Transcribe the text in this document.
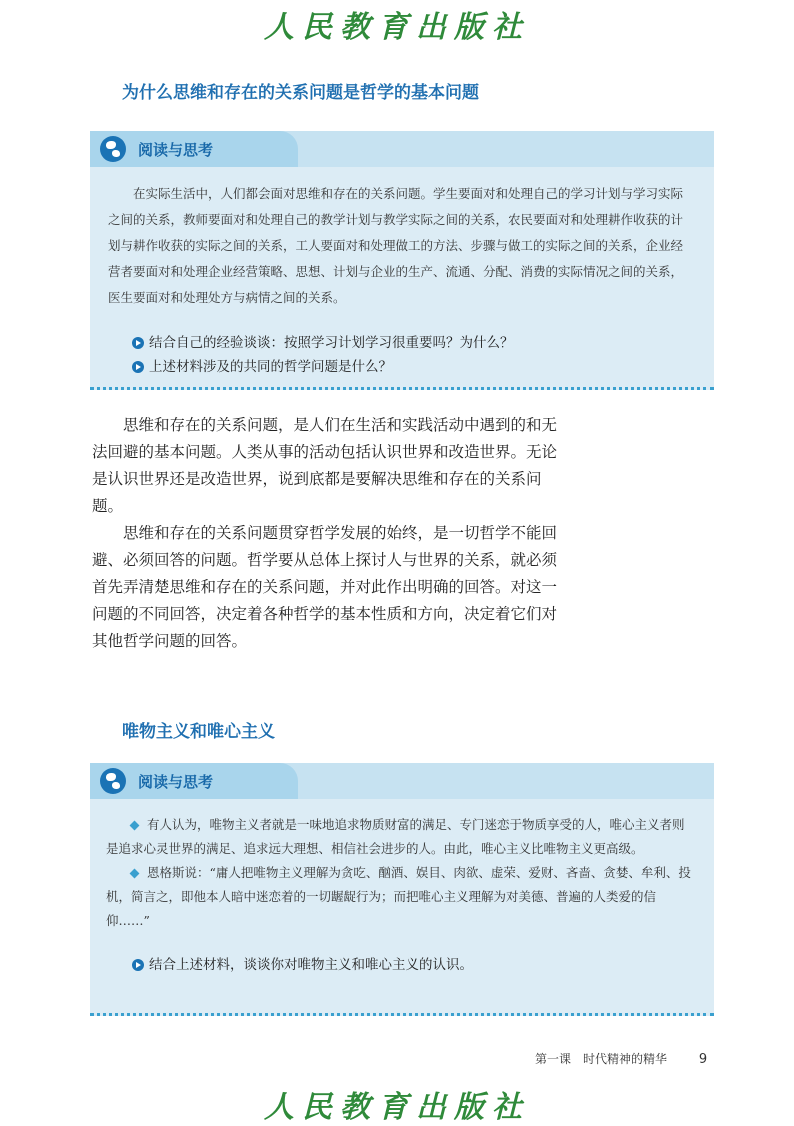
人民教育出版社
为什么思维和存在的关系问题是哲学的基本问题
阅读与思考

在实际生活中，人们都会面对思维和存在的关系问题。学生要面对和处理自己的学习计划与学习实际之间的关系，教师要面对和处理自己的教学计划与教学实际之间的关系，农民要面对和处理耕作收获的计划与耕作收获的实际之间的关系，工人要面对和处理做工的方法、步骤与做工的实际之间的关系，企业经营者要面对和处理企业经营策略、思想、计划与企业的生产、流通、分配、消费的实际情况之间的关系，医生要面对和处理处方与病情之间的关系。

结合自己的经验谈谈：按照学习计划学习很重要吗？为什么？
上述材料涉及的共同的哲学问题是什么？

思维和存在的关系问题，是人们在生活和实践活动中遇到的和无法回避的基本问题。人类从事的活动包括认识世界和改造世界。无论是认识世界还是改造世界，说到底都是要解决思维和存在的关系问题。

思维和存在的关系问题贯穿哲学发展的始终，是一切哲学不能回避、必须回答的问题。哲学要从总体上探讨人与世界的关系，就必须首先弄清楚思维和存在的关系问题，并对此作出明确的回答。对这一问题的不同回答，决定着各种哲学的基本性质和方向，决定着它们对其他哲学问题的回答。

唯物主义和唯心主义
阅读与思考

有人认为，唯物主义者就是一味地追求物质财富的满足、专门迷恋于物质享受的人，唯心主义者则是追求心灵世界的满足、追求远大理想、相信社会进步的人。由此，唯心主义比唯物主义更高级。

恩格斯说：“庸人把唯物主义理解为贪吃、酗酒、娱目、肉欲、虚荣、爱财、吝啬、贪婪、牟利、投机，简言之，即他本人暗中迷恋着的一切龌龊行为；而把唯心主义理解为对美德、普遍的人类爱的信仰……”

结合上述材料，谈谈你对唯物主义和唯心主义的认识。
第一课　时代精神的精华 9
人民教育出版社
